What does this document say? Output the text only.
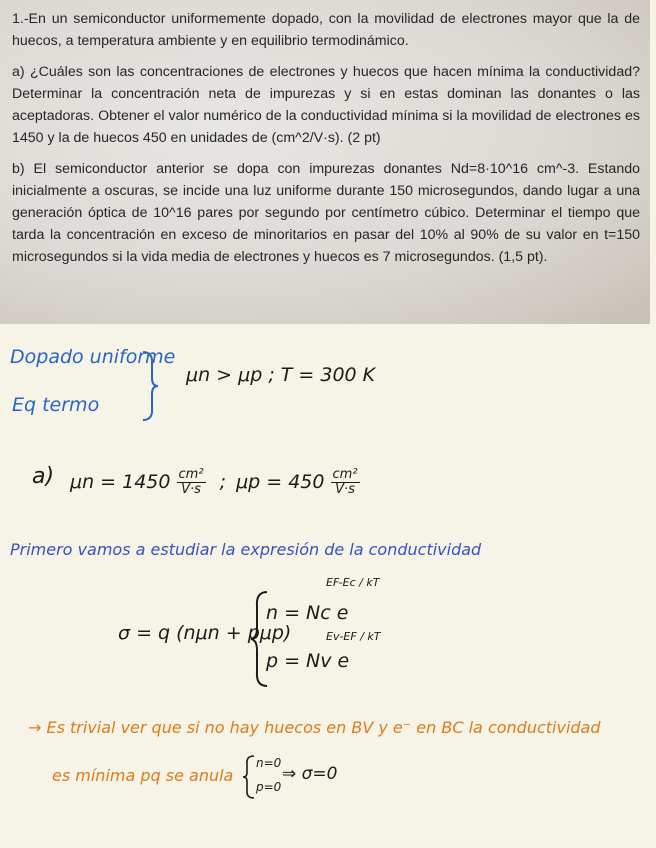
1.-En un semiconductor uniformemente dopado, con la movilidad de electrones mayor que la de huecos, a temperatura ambiente y en equilibrio termodinámico.

a) ¿Cuáles son las concentraciones de electrones y huecos que hacen mínima la conductividad? Determinar la concentración neta de impurezas y si en estas dominan las donantes o las aceptadoras. Obtener el valor numérico de la conductividad mínima si la movilidad de electrones es 1450 y la de huecos 450 en unidades de (cm^2/V·s). (2 pt)

b) El semiconductor anterior se dopa con impurezas donantes Nd=8·10^16 cm^-3. Estando inicialmente a oscuras, se incide una luz uniforme durante 150 microsegundos, dando lugar a una generación óptica de 10^16 pares por segundo por centímetro cúbico. Determinar el tiempo que tarda la concentración en exceso de minoritarios en pasar del 10% al 90% de su valor en t=150 microsegundos si la vida media de electrones y huecos es 7 microsegundos. (1,5 pt).

Dopado uniforme
Eq termo
μn > μp ; T = 300 K
a) $\mu n = 1450 \frac{\text{cm²}}{V\cdot s}$ ; $\mu p = 450 \frac{\text{cm²}}{V\cdot s}$
Primero vamos a estudiar la expresión de la conductividad
σ = q (nμn + pμp)
n = Nc e
EF-Ec / kT
p = Nv e
Ev-EF / kT
→ Es trivial ver que si no hay huecos en BV y e⁻ en BC la conductividad
es mínima pq se anula
n=0
p=0
⇒ σ=0
